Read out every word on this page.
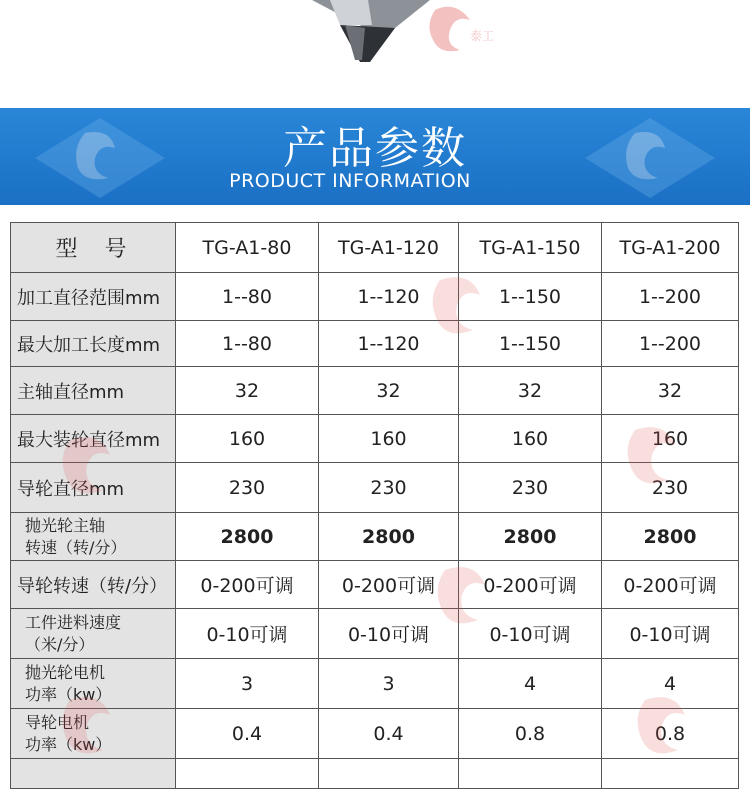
泰工
产品参数
PRODUCT INFORMATION
型 号	TG-A1-80	TG-A1-120	TG-A1-150	TG-A1-200
加工直径范围mm	1--80	1--120	1--150	1--200
最大加工长度mm	1--80	1--120	1--150	1--200
主轴直径mm	32	32	32	32
最大装轮直径mm	160	160	160	160
导轮直径mm	230	230	230	230
抛光轮主轴
转速（转/分）	2800	2800	2800	2800
导轮转速（转/分）	0-200可调	0-200可调	0-200可调	0-200可调
工件进料速度
（米/分）	0-10可调	0-10可调	0-10可调	0-10可调
抛光轮电机
功率（kw）	3	3	4	4
导轮电机
功率（kw）	0.4	0.4	0.8	0.8
